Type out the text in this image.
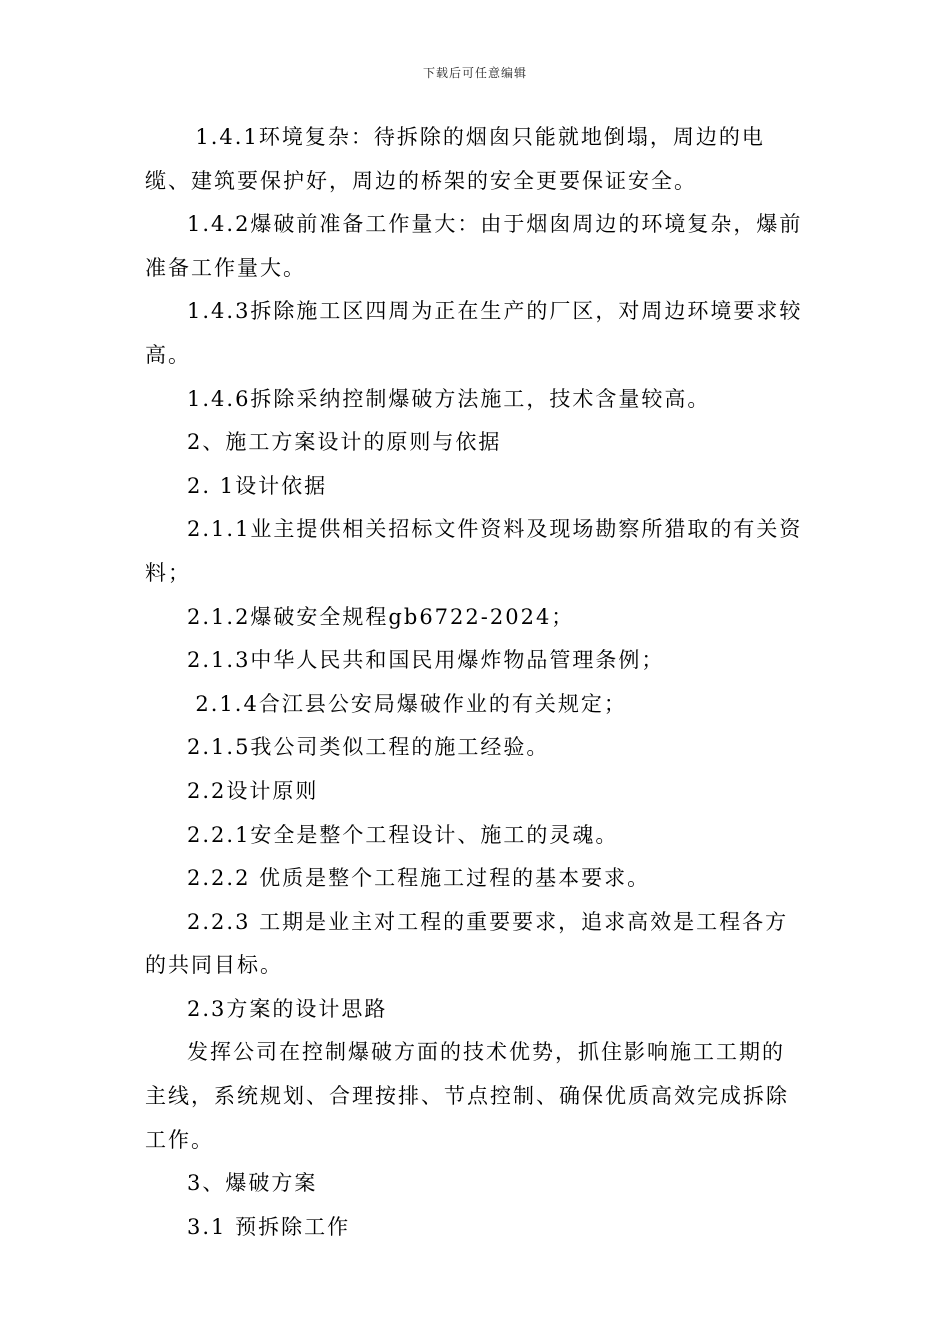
下载后可任意编辑

1.4.1环境复杂：待拆除的烟囱只能就地倒塌，周边的电缆、建筑要保护好，周边的桥架的安全更要保证安全。

1.4.2爆破前准备工作量大：由于烟囱周边的环境复杂，爆前准备工作量大。

1.4.3拆除施工区四周为正在生产的厂区，对周边环境要求较高。

1.4.6拆除采纳控制爆破方法施工，技术含量较高。

2、施工方案设计的原则与依据

2. 1设计依据

2.1.1业主提供相关招标文件资料及现场勘察所猎取的有关资料；

2.1.2爆破安全规程gb6722-2024；

2.1.3中华人民共和国民用爆炸物品管理条例；

2.1.4合江县公安局爆破作业的有关规定；

2.1.5我公司类似工程的施工经验。

2.2设计原则

2.2.1安全是整个工程设计、施工的灵魂。

2.2.2 优质是整个工程施工过程的基本要求。

2.2.3 工期是业主对工程的重要要求，追求高效是工程各方的共同目标。

2.3方案的设计思路

发挥公司在控制爆破方面的技术优势，抓住影响施工工期的主线，系统规划、合理按排、节点控制、确保优质高效完成拆除工作。

3、爆破方案

3.1 预拆除工作
